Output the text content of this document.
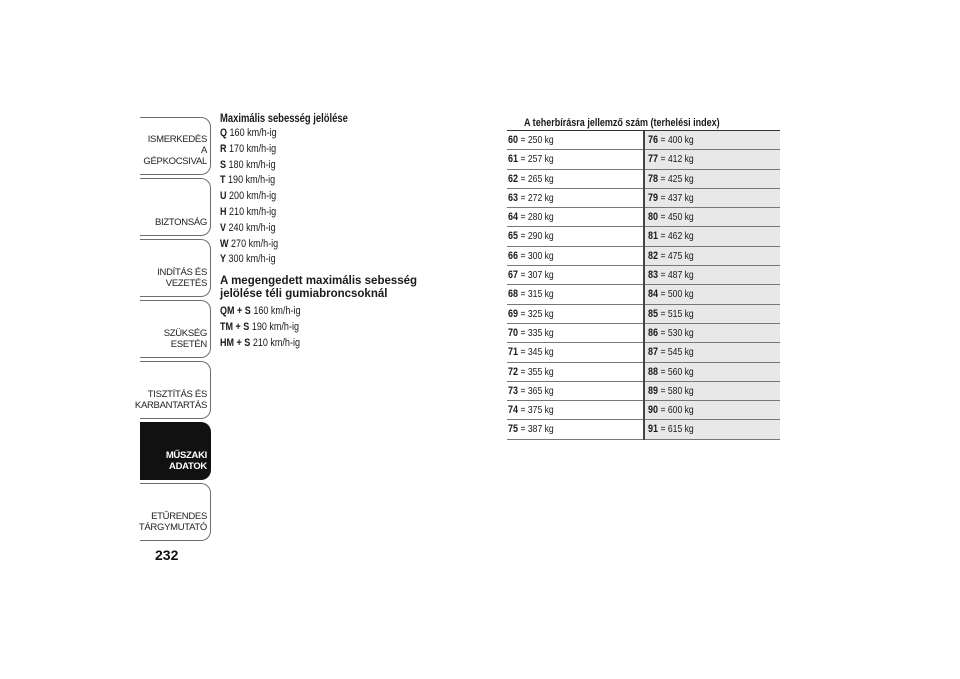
ISMERKEDÉS A
GÉPKOCSIVAL
BIZTONSÁG
INDÍTÁS ÉS VEZETÉS
SZÜKSÉG ESETÉN
TISZTÍTÁS ÉS
KARBANTARTÁS
MŰSZAKI
ADATOK
ETŰRENDES
TÁRGYMUTATÓ
232
Maximális sebesség jelölése
Q 160 km/h-ig
R 170 km/h-ig
S 180 km/h-ig
T 190 km/h-ig
U 200 km/h-ig
H 210 km/h-ig
V 240 km/h-ig
W 270 km/h-ig
Y 300 km/h-ig
A megengedett maximális sebesség jelölése téli gumiabroncsoknál
QM + S 160 km/h-ig
TM + S 190 km/h-ig
HM + S 210 km/h-ig
A teherbírásra jellemző szám (terhelési index)
60 = 250 kg
61 = 257 kg
62 = 265 kg
63 = 272 kg
64 = 280 kg
65 = 290 kg
66 = 300 kg
67 = 307 kg
68 = 315 kg
69 = 325 kg
70 = 335 kg
71 = 345 kg
72 = 355 kg
73 = 365 kg
74 = 375 kg
75 = 387 kg
76 = 400 kg
77 = 412 kg
78 = 425 kg
79 = 437 kg
80 = 450 kg
81 = 462 kg
82 = 475 kg
83 = 487 kg
84 = 500 kg
85 = 515 kg
86 = 530 kg
87 = 545 kg
88 = 560 kg
89 = 580 kg
90 = 600 kg
91 = 615 kg
